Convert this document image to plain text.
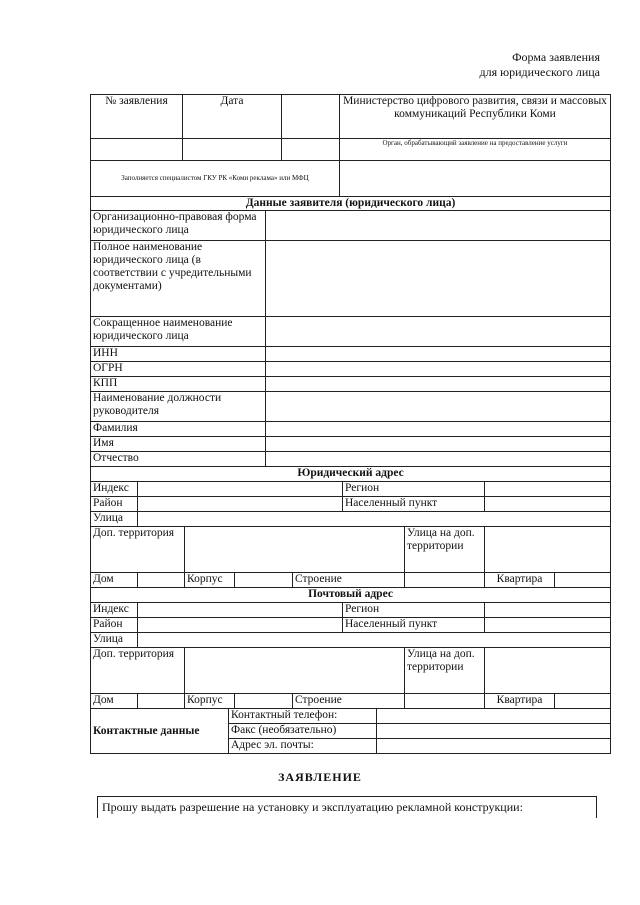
Форма заявления
для юридического лица
№ заявления	Дата		Министерство цифрового развития, связи и массовых коммуникаций Республики Коми
			Орган, обрабатывающий заявление на предоставление услуги
Заполняется специалистом ГКУ РК «Коми реклама» или МФЦ			
Данные заявителя (юридического лица)	
Организационно-правовая форма юридического лица	
Полное наименование юридического лица (в соответствии с учредительными документами)	
Сокращенное наименование юридического лица	
ИНН	
ОГРН	
КПП	
Наименование должности руководителя	
Фамилия	
Имя	
Отчество	
Юридический адрес								
Индекс					Регион			
Район					Населенный пункт			
Улица								
Доп. территория						Улица на доп. территории		
Дом		Корпус		Строение			Квартира	
Почтовый адрес								
Индекс					Регион			
Район					Населенный пункт			
Улица								
Доп. территория						Улица на доп. территории		
Дом		Корпус		Строение			Квартира	
Контактные данные	Контактный телефон:	
	Факс (необязательно)	
	Адрес эл. почты:	
ЗАЯВЛЕНИЕ
Прошу выдать разрешение на установку и эксплуатацию рекламной конструкции:
